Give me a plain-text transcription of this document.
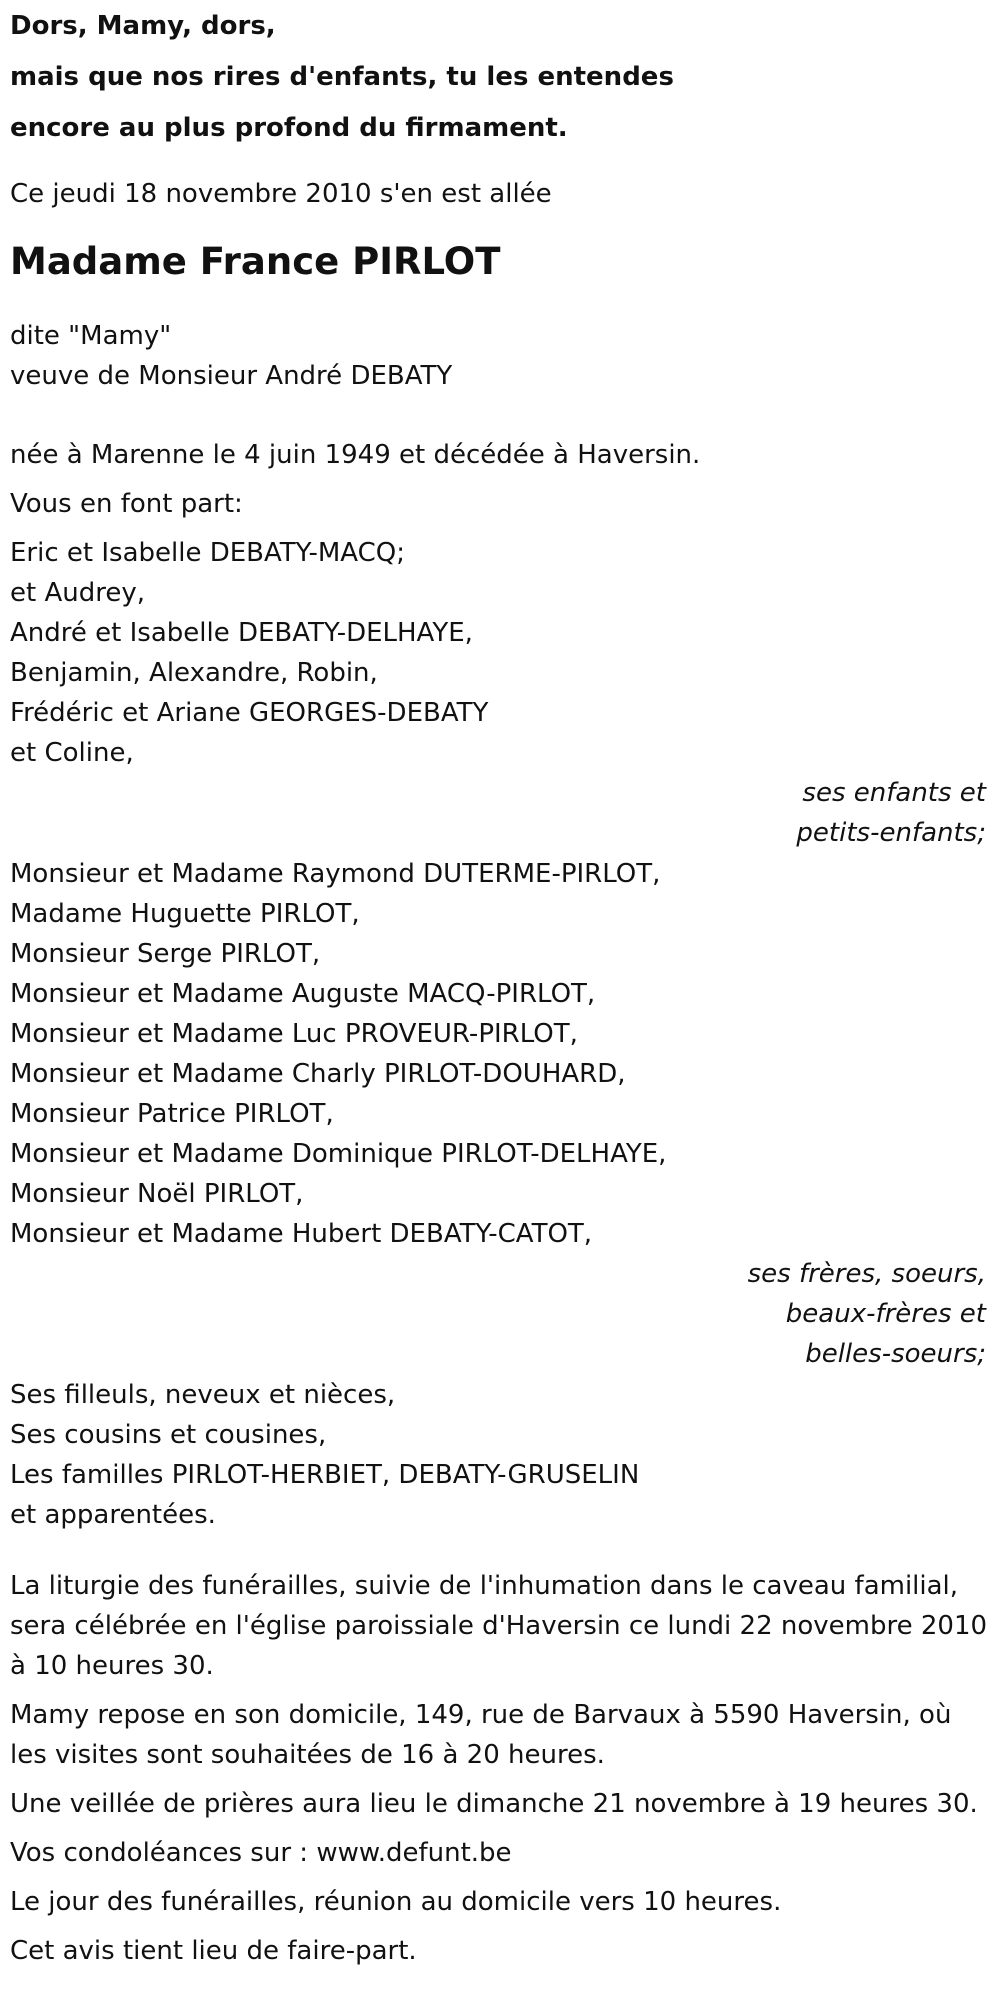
Dors, Mamy, dors,

mais que nos rires d'enfants, tu les entendes

encore au plus profond du firmament.

Ce jeudi 18 novembre 2010 s'en est allée

Madame France PIRLOT

dite "Mamy"

veuve de Monsieur André DEBATY

née à Marenne le 4 juin 1949 et décédée à Haversin.

Vous en font part:

Eric et Isabelle DEBATY-MACQ;

et Audrey,

André et Isabelle DEBATY-DELHAYE,

Benjamin, Alexandre, Robin,

Frédéric et Ariane GEORGES-DEBATY

et Coline,

ses enfants et

petits-enfants;

Monsieur et Madame Raymond DUTERME-PIRLOT,

Madame Huguette PIRLOT,

Monsieur Serge PIRLOT,

Monsieur et Madame Auguste MACQ-PIRLOT,

Monsieur et Madame Luc PROVEUR-PIRLOT,

Monsieur et Madame Charly PIRLOT-DOUHARD,

Monsieur Patrice PIRLOT,

Monsieur et Madame Dominique PIRLOT-DELHAYE,

Monsieur Noël PIRLOT,

Monsieur et Madame Hubert DEBATY-CATOT,

ses frères, soeurs,

beaux-frères et

belles-soeurs;

Ses filleuls, neveux et nièces,

Ses cousins et cousines,

Les familles PIRLOT-HERBIET, DEBATY-GRUSELIN

et apparentées.

La liturgie des funérailles, suivie de l'inhumation dans le caveau familial,

sera célébrée en l'église paroissiale d'Haversin ce lundi 22 novembre 2010

à 10 heures 30.

Mamy repose en son domicile, 149, rue de Barvaux à 5590 Haversin, où

les visites sont souhaitées de 16 à 20 heures.

Une veillée de prières aura lieu le dimanche 21 novembre à 19 heures 30.

Vos condoléances sur : www.defunt.be

Le jour des funérailles, réunion au domicile vers 10 heures.

Cet avis tient lieu de faire-part.
